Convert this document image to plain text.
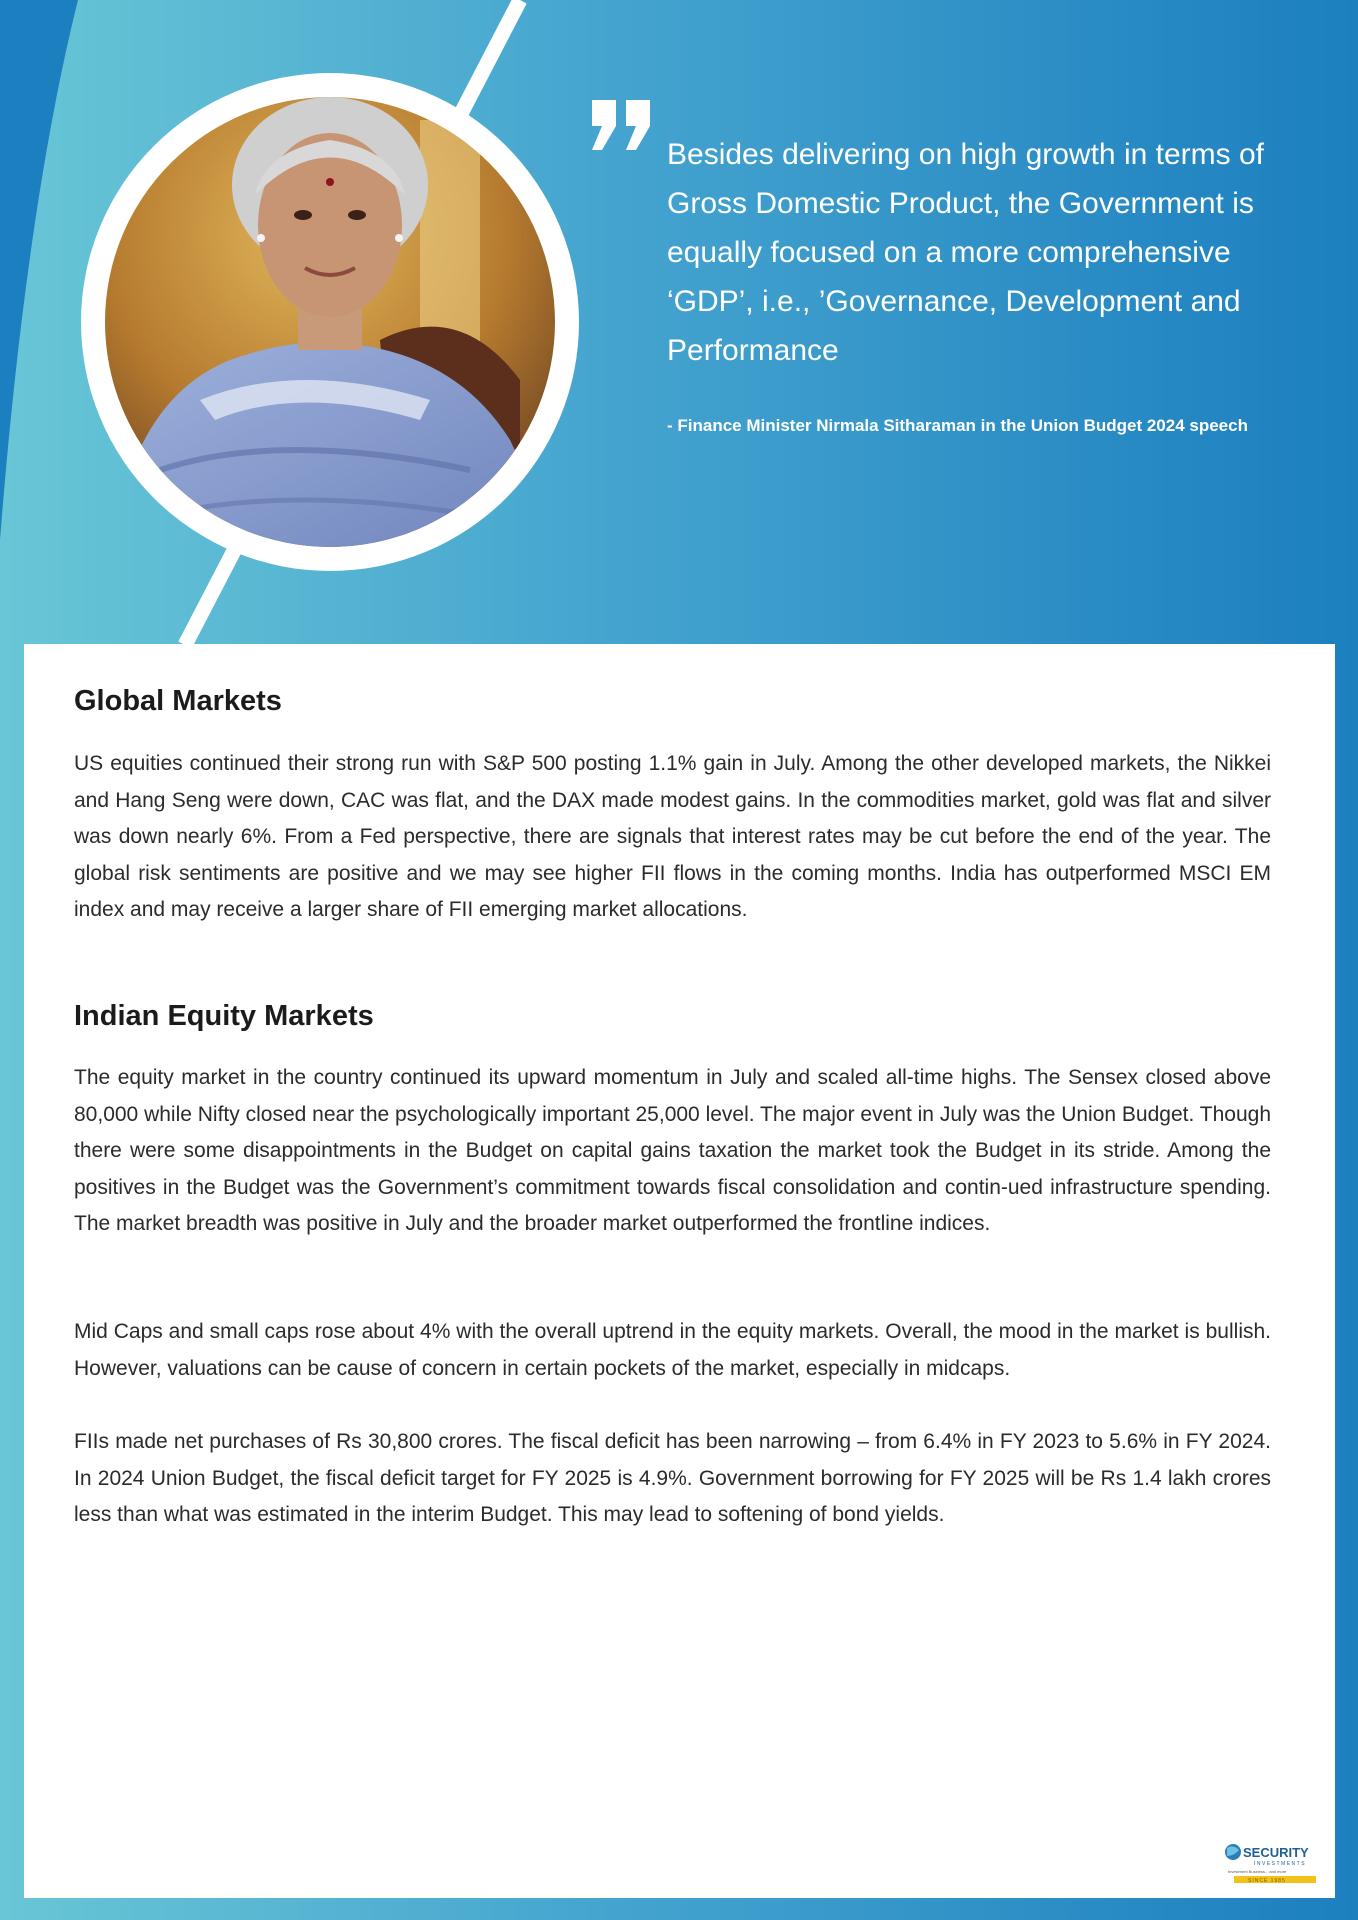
Besides delivering on high growth in terms of Gross Domestic Product, the Government is equally focused on a more comprehensive ‘GDP’, i.e., ’Governance, Development and Performance
- Finance Minister Nirmala Sitharaman in the Union Budget 2024 speech
Global Markets

US equities continued their strong run with S&P 500 posting 1.1% gain in July. Among the other developed markets, the Nikkei and Hang Seng were down, CAC was flat, and the DAX made modest gains. In the commodities market, gold was flat and silver was down nearly 6%. From a Fed perspective, there are signals that interest rates may be cut before the end of the year. The global risk sentiments are positive and we may see higher FII flows in the coming months. India has outperformed MSCI EM index and may receive a larger share of FII emerging market allocations.

Indian Equity Markets

The equity market in the country continued its upward momentum in July and scaled all-time highs. The Sensex closed above 80,000 while Nifty closed near the psychologically important 25,000 level. The major event in July was the Union Budget. Though there were some disappointments in the Budget on capital gains taxation the market took the Budget in its stride. Among the positives in the Budget was the Government’s commitment towards fiscal consolidation and contin-ued infrastructure spending. The market breadth was positive in July and the broader market outperformed the frontline indices.

Mid Caps and small caps rose about 4% with the overall uptrend in the equity markets. Overall, the mood in the market is bullish. However, valuations can be cause of concern in certain pockets of the market, especially in midcaps.

FIIs made net purchases of Rs 30,800 crores. The fiscal deficit has been narrowing – from 6.4% in FY 2023 to 5.6% in FY 2024. In 2024 Union Budget, the fiscal deficit target for FY 2025 is 4.9%. Government borrowing for FY 2025 will be Rs 1.4 lakh crores less than what was estimated in the interim Budget. This may lead to softening of bond yields.

SECURITY
INVESTMENTS
Investment Business... and more
SINCE 1985
